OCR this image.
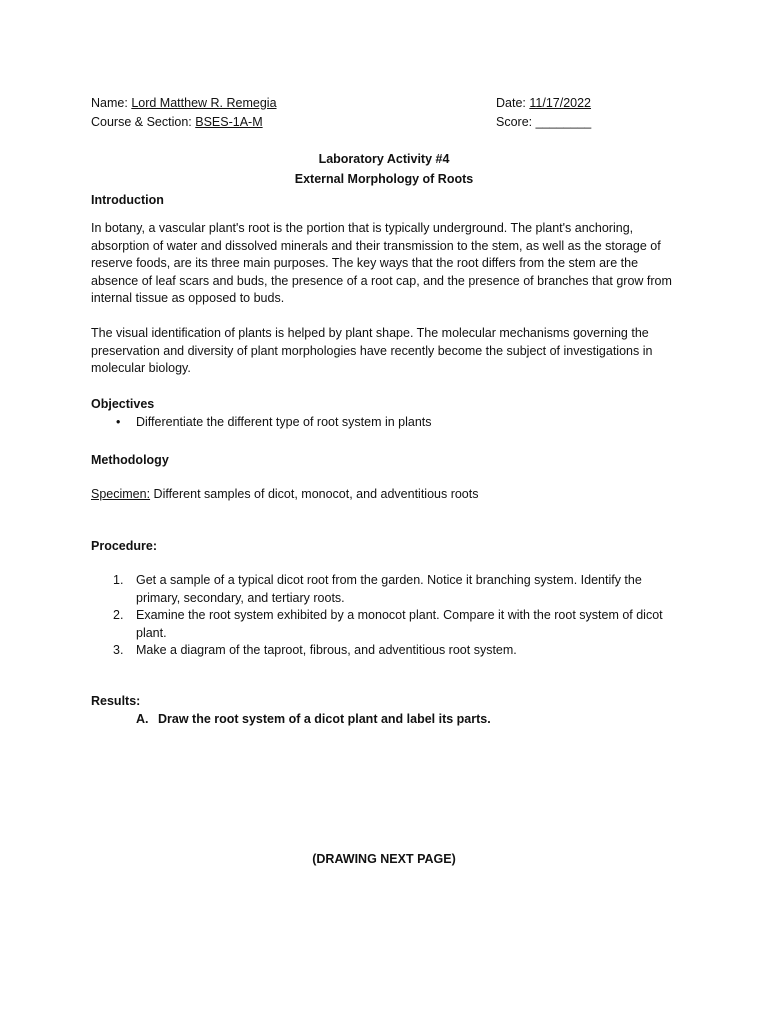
Name: Lord Matthew R. Remegia
Course & Section: BSES-1A-M
Date: 11/17/2022
Score: ________
Laboratory Activity #4
External Morphology of Roots
Introduction

In botany, a vascular plant's root is the portion that is typically underground. The plant's anchoring, absorption of water and dissolved minerals and their transmission to the stem, as well as the storage of reserve foods, are its three main purposes. The key ways that the root differs from the stem are the absence of leaf scars and buds, the presence of a root cap, and the presence of branches that grow from internal tissue as opposed to buds.

The visual identification of plants is helped by plant shape. The molecular mechanisms governing the preservation and diversity of plant morphologies have recently become the subject of investigations in molecular biology.

Objectives
• Differentiate the different type of root system in plants
Methodology
Specimen: Different samples of dicot, monocot, and adventitious roots
Procedure:
1. Get a sample of a typical dicot root from the garden. Notice it branching system. Identify the primary, secondary, and tertiary roots.
2. Examine the root system exhibited by a monocot plant. Compare it with the root system of dicot plant.
3. Make a diagram of the taproot, fibrous, and adventitious root system.
Results:
A. Draw the root system of a dicot plant and label its parts.
(DRAWING NEXT PAGE)
